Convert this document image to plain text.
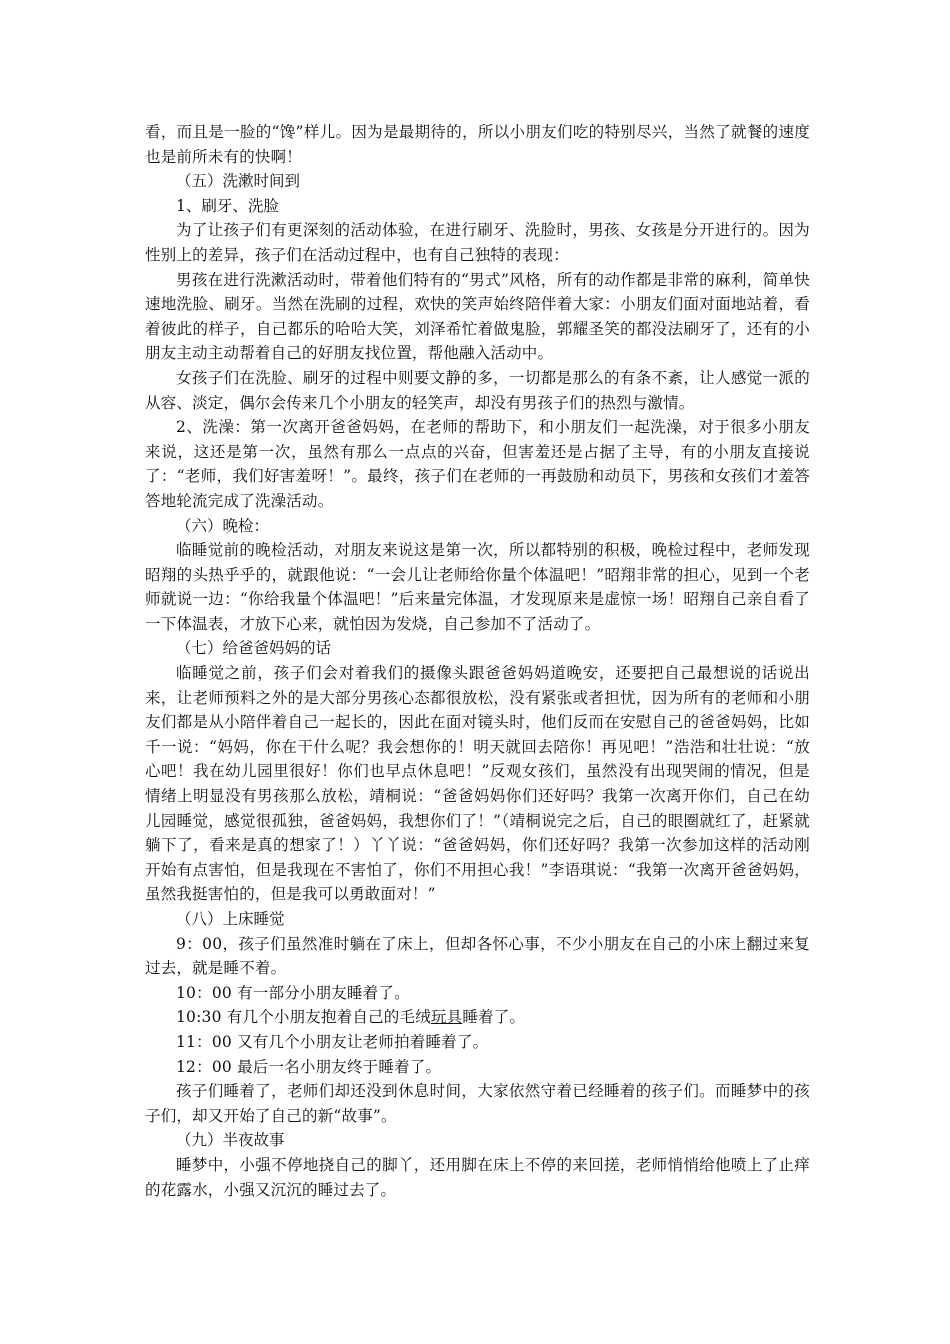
看，而且是一脸的“馋”样儿。因为是最期待的，所以小朋友们吃的特别尽兴，当然了就餐的速度也是前所未有的快啊！

（五）洗漱时间到

1、刷牙、洗脸

为了让孩子们有更深刻的活动体验，在进行刷牙、洗脸时，男孩、女孩是分开进行的。因为性别上的差异，孩子们在活动过程中，也有自己独特的表现：

男孩在进行洗漱活动时，带着他们特有的“男式”风格，所有的动作都是非常的麻利，简单快速地洗脸、刷牙。当然在洗刷的过程，欢快的笑声始终陪伴着大家：小朋友们面对面地站着，看着彼此的样子，自己都乐的哈哈大笑，刘泽希忙着做鬼脸，郭耀圣笑的都没法刷牙了，还有的小朋友主动主动帮着自己的好朋友找位置，帮他融入活动中。

女孩子们在洗脸、刷牙的过程中则要文静的多，一切都是那么的有条不紊，让人感觉一派的从容、淡定，偶尔会传来几个小朋友的轻笑声，却没有男孩子们的热烈与激情。

2、洗澡：第一次离开爸爸妈妈，在老师的帮助下，和小朋友们一起洗澡，对于很多小朋友来说，这还是第一次，虽然有那么一点点的兴奋，但害羞还是占据了主导，有的小朋友直接说了：“老师，我们好害羞呀！”。最终，孩子们在老师的一再鼓励和动员下，男孩和女孩们才羞答答地轮流完成了洗澡活动。

（六）晚检：

临睡觉前的晚检活动，对朋友来说这是第一次，所以都特别的积极，晚检过程中，老师发现昭翔的头热乎乎的，就跟他说：“一会儿让老师给你量个体温吧！”昭翔非常的担心，见到一个老师就说一边：“你给我量个体温吧！”后来量完体温，才发现原来是虚惊一场！昭翔自己亲自看了一下体温表，才放下心来，就怕因为发烧，自己参加不了活动了。

（七）给爸爸妈妈的话

临睡觉之前，孩子们会对着我们的摄像头跟爸爸妈妈道晚安，还要把自己最想说的话说出来，让老师预料之外的是大部分男孩心态都很放松，没有紧张或者担忧，因为所有的老师和小朋友们都是从小陪伴着自己一起长的，因此在面对镜头时，他们反而在安慰自己的爸爸妈妈，比如千一说：“妈妈，你在干什么呢？我会想你的！明天就回去陪你！再见吧！”浩浩和壮壮说：“放心吧！我在幼儿园里很好！你们也早点休息吧！”反观女孩们，虽然没有出现哭闹的情况，但是情绪上明显没有男孩那么放松，靖桐说：“爸爸妈妈你们还好吗？我第一次离开你们，自己在幼儿园睡觉，感觉很孤独，爸爸妈妈，我想你们了！”（靖桐说完之后，自己的眼圈就红了，赶紧就躺下了，看来是真的想家了！）丫丫说：“爸爸妈妈，你们还好吗？我第一次参加这样的活动刚开始有点害怕，但是我现在不害怕了，你们不用担心我！”李语琪说：“我第一次离开爸爸妈妈，虽然我挺害怕的，但是我可以勇敢面对！”

（八）上床睡觉

9：00，孩子们虽然准时躺在了床上，但却各怀心事，不少小朋友在自己的小床上翻过来复过去，就是睡不着。

10：00 有一部分小朋友睡着了。

10:30 有几个小朋友抱着自己的毛绒玩具睡着了。

11：00 又有几个小朋友让老师拍着睡着了。

12：00 最后一名小朋友终于睡着了。

孩子们睡着了，老师们却还没到休息时间，大家依然守着已经睡着的孩子们。而睡梦中的孩子们，却又开始了自己的新“故事”。

（九）半夜故事

睡梦中，小强不停地挠自己的脚丫，还用脚在床上不停的来回搓，老师悄悄给他喷上了止痒的花露水，小强又沉沉的睡过去了。
